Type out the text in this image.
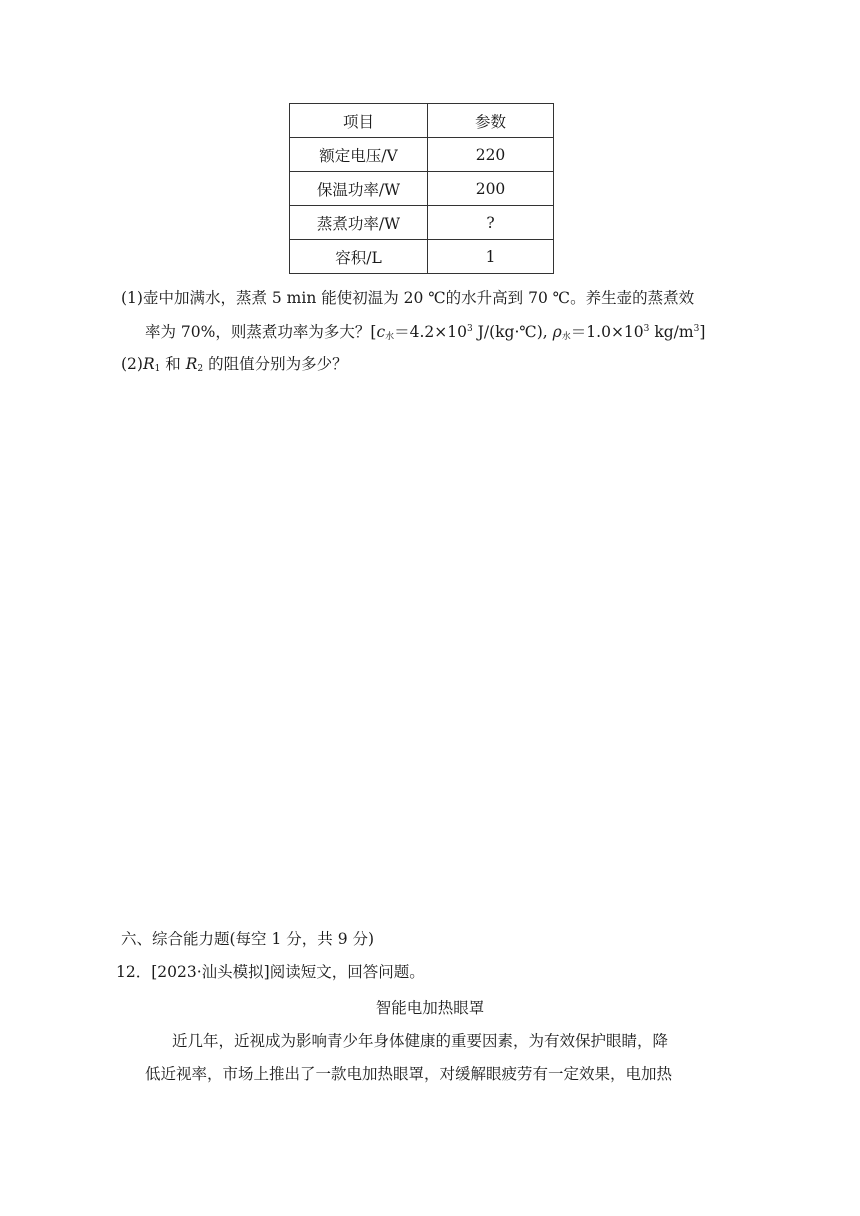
项目	参数
额定电压/V	220
保温功率/W	200
蒸煮功率/W	?
容积/L	1
(1)壶中加满水，蒸煮 5 min 能使初温为 20 ℃的水升高到 70 ℃。养生壶的蒸煮效
率为 70%，则蒸煮功率为多大？[$c_水=4.2\times 10^3$ J/(kg·℃), $\rho_水=1.0\times 10^3$ $kg/m^3$]
$(2)R_1$ 和 $R_2$ 的阻值分别为多少？
六、综合能力题(每空 1 分，共 9 分)
12．[2023·汕头模拟]阅读短文，回答问题。
智能电加热眼罩
近几年，近视成为影响青少年身体健康的重要因素，为有效保护眼睛，降
低近视率，市场上推出了一款电加热眼罩，对缓解眼疲劳有一定效果，电加热
